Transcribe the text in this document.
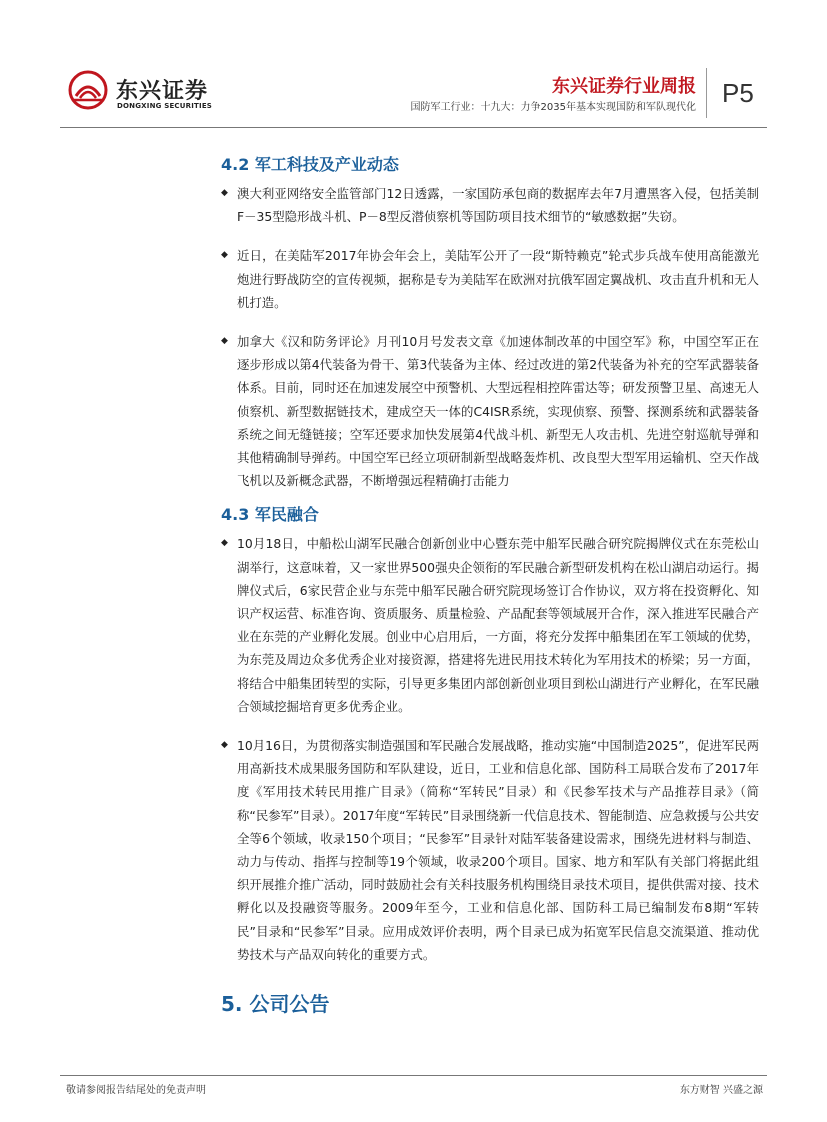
东兴证券
DONGXING SECURITIES
东兴证券行业周报
国防军工行业：十九大：力争2035年基本实现国防和军队现代化 P5
4.2 军工科技及产业动态
◆ 澳大利亚网络安全监管部门12日透露，一家国防承包商的数据库去年7月遭黑客入侵，包括美制F－35型隐形战斗机、P－8型反潜侦察机等国防项目技术细节的“敏感数据”失窃。
◆ 近日，在美陆军2017年协会年会上，美陆军公开了一段“斯特赖克”轮式步兵战车使用高能激光炮进行野战防空的宣传视频，据称是专为美陆军在欧洲对抗俄军固定翼战机、攻击直升机和无人机打造。
◆ 加拿大《汉和防务评论》月刊10月号发表文章《加速体制改革的中国空军》称，中国空军正在逐步形成以第4代装备为骨干、第3代装备为主体、经过改进的第2代装备为补充的空军武器装备体系。目前，同时还在加速发展空中预警机、大型远程相控阵雷达等；研发预警卫星、高速无人侦察机、新型数据链技术，建成空天一体的C4ISR系统，实现侦察、预警、探测系统和武器装备系统之间无缝链接；空军还要求加快发展第4代战斗机、新型无人攻击机、先进空射巡航导弹和其他精确制导弹药。中国空军已经立项研制新型战略轰炸机、改良型大型军用运输机、空天作战飞机以及新概念武器，不断增强远程精确打击能力
4.3 军民融合
◆ 10月18日，中船松山湖军民融合创新创业中心暨东莞中船军民融合研究院揭牌仪式在东莞松山湖举行，这意味着，又一家世界500强央企领衔的军民融合新型研发机构在松山湖启动运行。揭牌仪式后，6家民营企业与东莞中船军民融合研究院现场签订合作协议，双方将在投资孵化、知识产权运营、标准咨询、资质服务、质量检验、产品配套等领域展开合作，深入推进军民融合产业在东莞的产业孵化发展。创业中心启用后，一方面，将充分发挥中船集团在军工领域的优势，为东莞及周边众多优秀企业对接资源，搭建将先进民用技术转化为军用技术的桥梁；另一方面，将结合中船集团转型的实际，引导更多集团内部创新创业项目到松山湖进行产业孵化，在军民融合领域挖掘培育更多优秀企业。
◆ 10月16日，为贯彻落实制造强国和军民融合发展战略，推动实施“中国制造2025”，促进军民两用高新技术成果服务国防和军队建设，近日，工业和信息化部、国防科工局联合发布了2017年度《军用技术转民用推广目录》（简称“军转民”目录）和《民参军技术与产品推荐目录》（简称“民参军”目录）。2017年度“军转民”目录围绕新一代信息技术、智能制造、应急救援与公共安全等6个领域，收录150个项目；“民参军”目录针对陆军装备建设需求，围绕先进材料与制造、动力与传动、指挥与控制等19个领域，收录200个项目。国家、地方和军队有关部门将据此组织开展推介推广活动，同时鼓励社会有关科技服务机构围绕目录技术项目，提供供需对接、技术孵化以及投融资等服务。2009年至今，工业和信息化部、国防科工局已编制发布8期“军转民”目录和“民参军”目录。应用成效评价表明，两个目录已成为拓宽军民信息交流渠道、推动优势技术与产品双向转化的重要方式。
5. 公司公告
敬请参阅报告结尾处的免责声明	东方财智 兴盛之源
